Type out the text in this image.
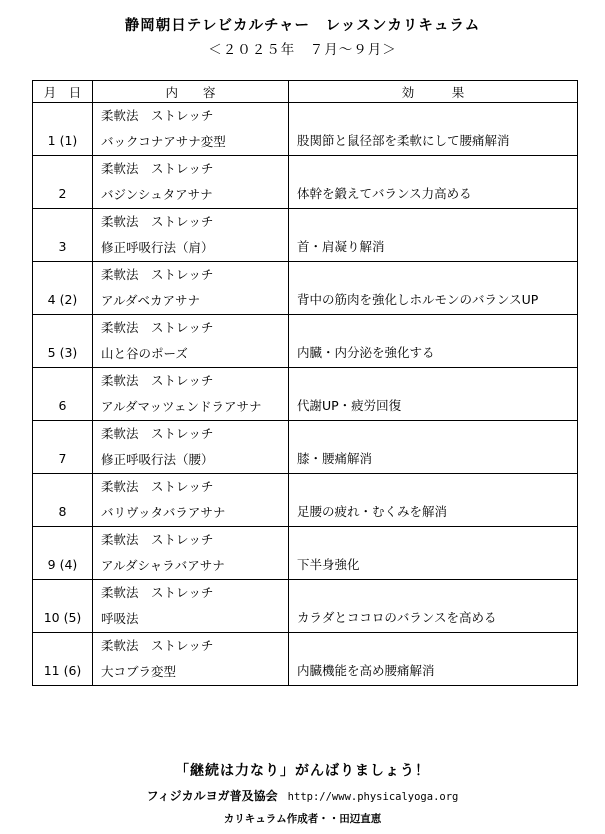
静岡朝日テレビカルチャー　レッスンカリキュラム
＜２０２５年　７月～９月＞
月　日	内　　容	効　　　果

1 (1)	柔軟法　ストレッチ
バックコナアサナ変型	股関節と鼠径部を柔軟にして腰痛解消

2	柔軟法　ストレッチ
バジンシュタアサナ	体幹を鍛えてバランス力高める

3	柔軟法　ストレッチ
修正呼吸行法（肩）	首・肩凝り解消

4 (2)	柔軟法　ストレッチ
アルダベカアサナ	背中の筋肉を強化しホルモンのバランスUP

5 (3)	柔軟法　ストレッチ
山と谷のポーズ	内臓・内分泌を強化する

6	柔軟法　ストレッチ
アルダマッツェンドラアサナ	代謝UP・疲労回復

7	柔軟法　ストレッチ
修正呼吸行法（腰）	膝・腰痛解消

8	柔軟法　ストレッチ
バリヴッタバラアサナ	足腰の疲れ・むくみを解消

9 (4)	柔軟法　ストレッチ
アルダシャラバアサナ	下半身強化

10 (5)	柔軟法　ストレッチ
呼吸法	カラダとココロのバランスを高める

11 (6)	柔軟法　ストレッチ
大コブラ変型	内臓機能を高め腰痛解消
「継続は力なり」がんばりましょう！
フィジカルヨガ普及協会 http://www.physicalyoga.org
カリキュラム作成者・・田辺直恵
